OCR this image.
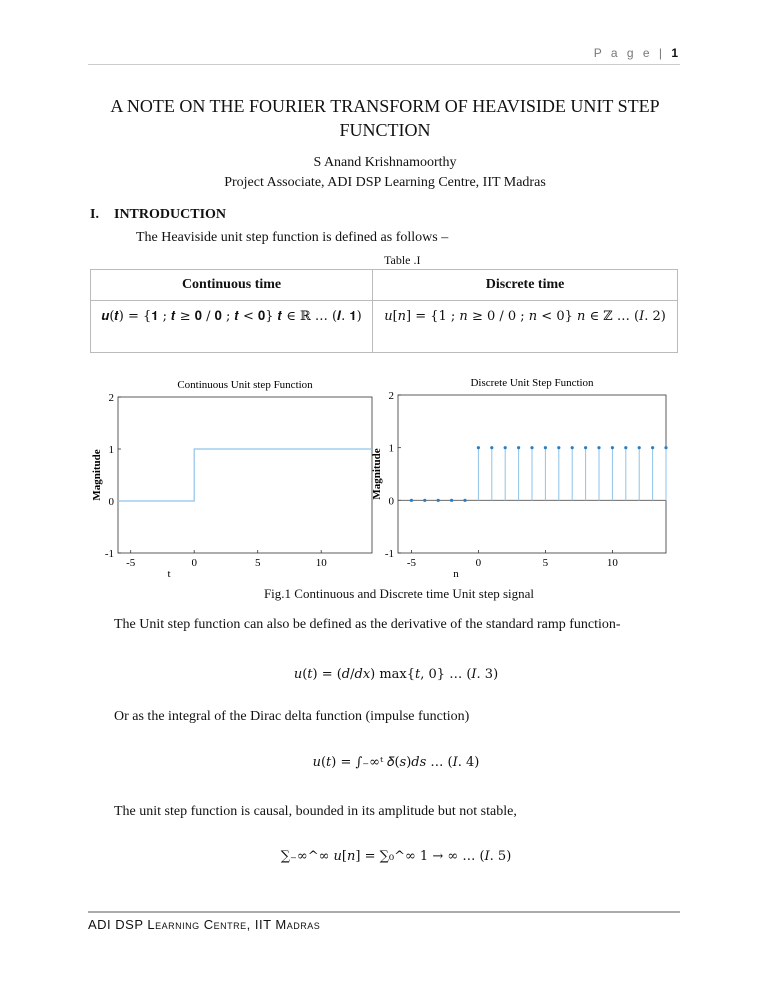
P a g e | 1
A NOTE ON THE FOURIER TRANSFORM OF HEAVISIDE UNIT STEP FUNCTION
S Anand Krishnamoorthy
Project Associate, ADI DSP Learning Centre, IIT Madras
I. INTRODUCTION
The Heaviside unit step function is defined as follows –
Table .I
Continuous time	Discrete time
𝒖(𝒕) = {𝟏 ; 𝒕 ≥ 𝟎 / 𝟎 ; 𝒕 < 𝟎} 𝒕 ∈ ℝ … (𝑰. 𝟏)	𝑢[𝑛] = {1 ; 𝑛 ≥ 0 / 0 ; 𝑛 < 0} 𝑛 ∈ ℤ … (𝐼. 2)
Continuous Unit step Function
-5	0	5	10
-1
0
1
2
t
Magnitude
Discrete Unit Step Function
-5	0	5	10
-1
0
1
2
n
Magnitude
Fig.1 Continuous and Discrete time Unit step signal
The Unit step function can also be defined as the derivative of the standard ramp function-
𝑢(𝑡) = (𝑑/𝑑𝑥) max{𝑡, 0} … (𝐼. 3)
Or as the integral of the Dirac delta function (impulse function)
𝑢(𝑡) = ∫₋∞ᵗ 𝛿(𝑠)𝑑𝑠 … (𝐼. 4)
The unit step function is causal, bounded in its amplitude but not stable,
∑₋∞^∞ 𝑢[𝑛] = ∑₀^∞ 1 → ∞ … (𝐼. 5)
ADI DSP Learning Centre, IIT Madras
